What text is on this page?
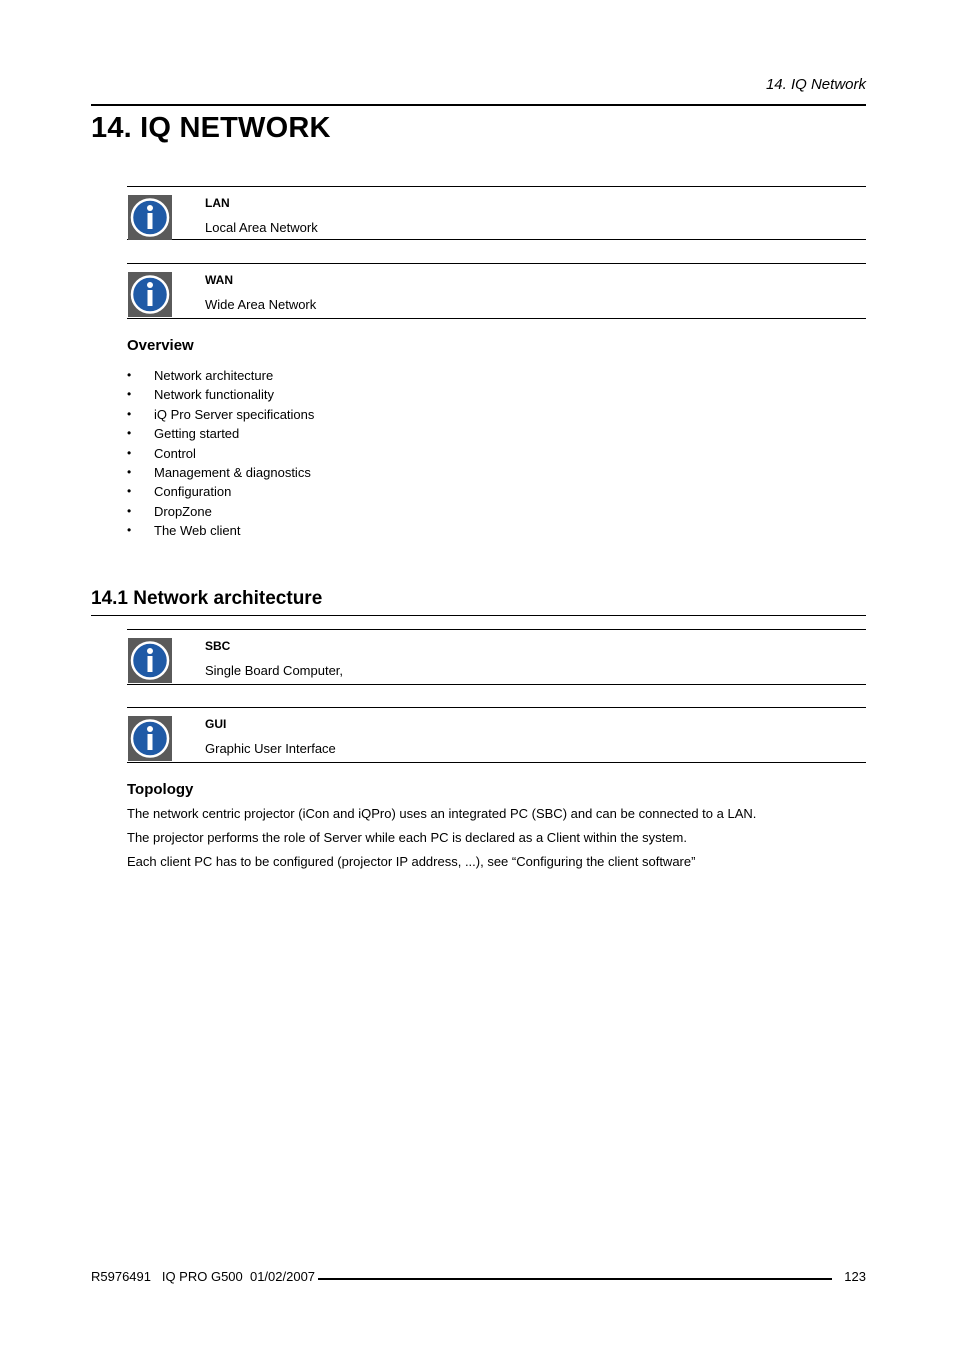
14. IQ Network
14. IQ NETWORK
LAN
Local Area Network
WAN
Wide Area Network
Overview
• Network architecture
• Network functionality
• iQ Pro Server specifications
• Getting started
• Control
• Management & diagnostics
• Configuration
• DropZone
• The Web client
14.1 Network architecture
SBC
Single Board Computer,
GUI
Graphic User Interface
Topology

The network centric projector (iCon and iQPro) uses an integrated PC (SBC) and can be connected to a LAN.

The projector performs the role of Server while each PC is declared as a Client within the system.

Each client PC has to be configured (projector IP address, ...), see “Configuring the client software”

R5976491   IQ PRO G500  01/02/2007	123
